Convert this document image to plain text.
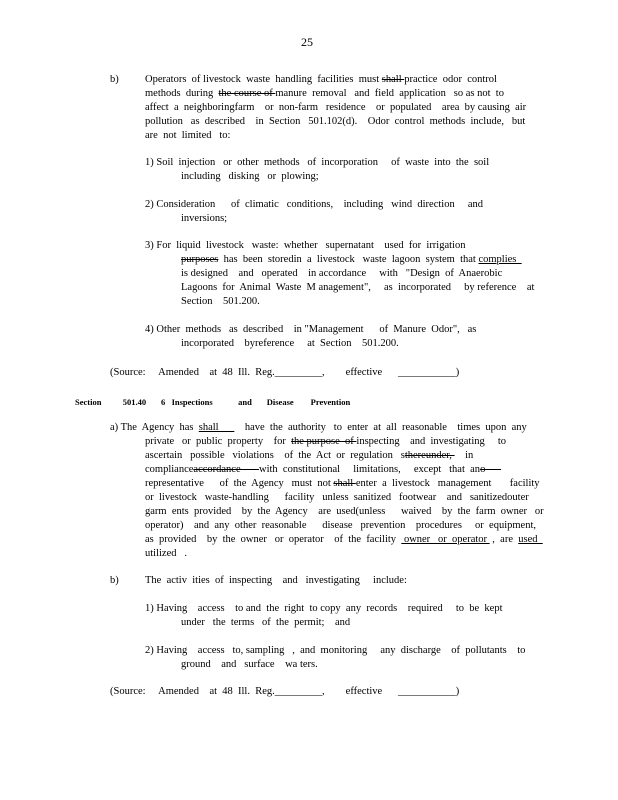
25
b)	Operators  of livestock  waste  handling  facilities  must shall practice  odor  control
methods  during  the course of manure  removal   and  field  application   so as not  to
affect  a  neighboringfarm    or  non-farm   residence    or  populated    area  by causing  air
pollution   as  described    in  Section   501.102(d).    Odor  control  methods  include,   but
are  not  limited   to:
1) Soil  injection   or  other  methods   of  incorporation     of  waste  into  the  soil
including   disking   or  plowing;
2) Consideration      of  climatic   conditions,    including   wind  direction     and
inversions;
3) For  liquid  livestock   waste:  whether   supernatant    used  for  irrigation
purposes  has  been  storedin  a  livestock   waste  lagoon  system  that complies
is designed    and   operated    in accordance     with   "Design  of  Anaerobic
Lagoons  for  Animal  Waste  M anagement",     as  incorporated     by reference    at
Section    501.200.
4) Other  methods   as  described    in "Management      of  Manure  Odor",   as
incorporated    byreference     at  Section    501.200.
(Source: Amended    at  48  Ill.  Reg._________, effective ___________)
Section	501.40 6 Inspections            and       Disease        Prevention
a) The  Agency  has  shall          have  the  authority   to  enter  at  all  reasonable    times  upon  any
private   or  public  property    for  the purpose  of inspecting    and  investigating     to
ascertain   possible   violations    of  the  Act  or  regulation   sthereunder,     in
complianceaccordance       with  constitutional     limitations,     except   that  ano
representative      of  the  Agency   must  not shall enter  a  livestock   management       facility
or  livestock   waste-handling      facility   unless  sanitized   footwear    and   sanitizedouter
garm  ents  provided    by  the  Agency    are  used(unless      waived    by  the  farm  owner   or
operator)    and  any  other  reasonable      disease   prevention    procedures     or  equipment,
as  provided    by  the  owner   or  operator    of  the  facility   owner   or  operator  ,  are  used
utilized   .
b)	The  activ  ities  of  inspecting    and   investigating     include:
1) Having    access    to and  the  right  to copy  any  records    required     to  be  kept
under   the  terms   of  the  permit;    and
2) Having    access   to, sampling   ,  and  monitoring     any  discharge    of  pollutants    to
ground    and   surface    wa ters.
(Source: Amended    at  48  Ill.  Reg._________, effective ___________)
